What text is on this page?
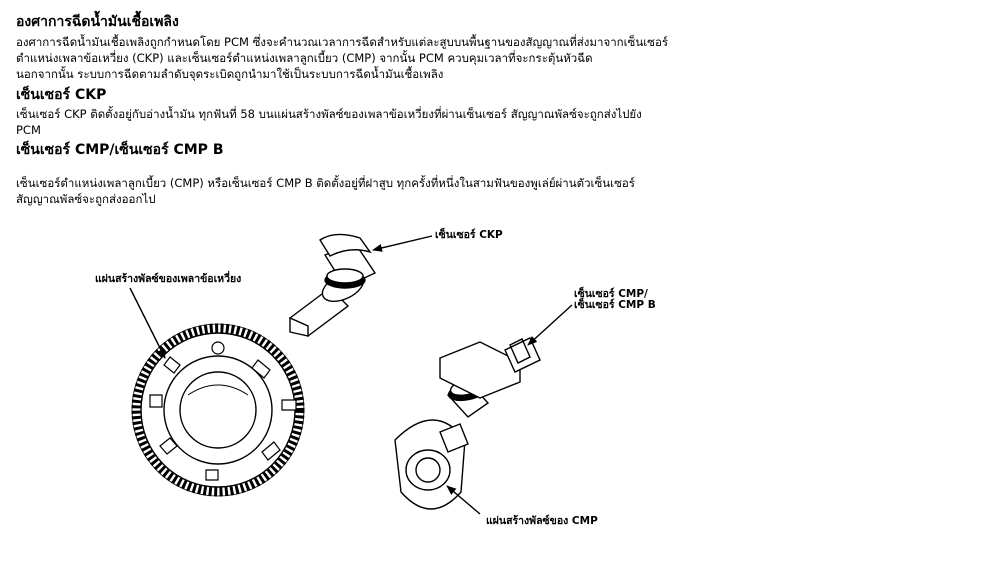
องศาการฉีดน้ำมันเชื้อเพลิง
องศาการฉีดน้ำมันเชื้อเพลิงถูกกำหนดโดย PCM ซึ่งจะคำนวณเวลาการฉีดสำหรับแต่ละสูบบนพื้นฐานของสัญญาณที่ส่งมาจากเซ็นเซอร์
ตำแหน่งเพลาข้อเหวี่ยง (CKP) และเซ็นเซอร์ตำแหน่งเพลาลูกเบี้ยว (CMP) จากนั้น PCM ควบคุมเวลาที่จะกระตุ้นหัวฉีด
นอกจากนั้น ระบบการฉีดตามลำดับจุดระเบิดถูกนำมาใช้เป็นระบบการฉีดน้ำมันเชื้อเพลิง
เซ็นเซอร์ CKP
เซ็นเซอร์ CKP ติดตั้งอยู่กับอ่างน้ำมัน ทุกฟันที่ 58 บนแผ่นสร้างพัลซ์ของเพลาข้อเหวี่ยงที่ผ่านเซ็นเซอร์ สัญญาณพัลซ์จะถูกส่งไปยัง
PCM
เซ็นเซอร์ CMP/เซ็นเซอร์ CMP B
เซ็นเซอร์ตำแหน่งเพลาลูกเบี้ยว (CMP) หรือเซ็นเซอร์ CMP B ติดตั้งอยู่ที่ฝาสูบ ทุกครั้งที่หนึ่งในสามฟันของพูเล่ย์ผ่านตัวเซ็นเซอร์
สัญญาณพัลซ์จะถูกส่งออกไป
เซ็นเซอร์ CKP
แผ่นสร้างพัลซ์ของเพลาข้อเหวี่ยง
เซ็นเซอร์ CMP/
เซ็นเซอร์ CMP B
แผ่นสร้างพัลซ์ของ CMP
